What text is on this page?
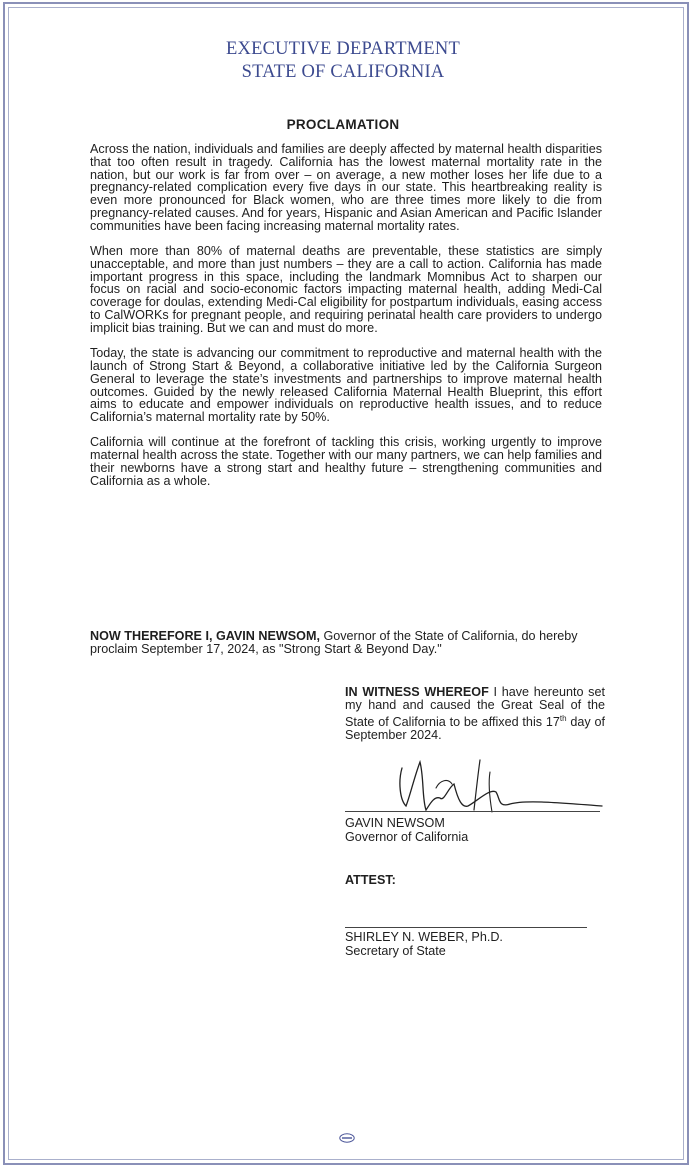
EXECUTIVE DEPARTMENT
STATE OF CALIFORNIA
PROCLAMATION

Across the nation, individuals and families are deeply affected by maternal health disparities that too often result in tragedy. California has the lowest maternal mortality rate in the nation, but our work is far from over – on average, a new mother loses her life due to a pregnancy-related complication every five days in our state. This heartbreaking reality is even more pronounced for Black women, who are three times more likely to die from pregnancy-related causes. And for years, Hispanic and Asian American and Pacific Islander communities have been facing increasing maternal mortality rates.

When more than 80% of maternal deaths are preventable, these statistics are simply unacceptable, and more than just numbers – they are a call to action. California has made important progress in this space, including the landmark Momnibus Act to sharpen our focus on racial and socio-economic factors impacting maternal health, adding Medi-Cal coverage for doulas, extending Medi-Cal eligibility for postpartum individuals, easing access to CalWORKs for pregnant people, and requiring perinatal health care providers to undergo implicit bias training. But we can and must do more.

Today, the state is advancing our commitment to reproductive and maternal health with the launch of Strong Start & Beyond, a collaborative initiative led by the California Surgeon General to leverage the state’s investments and partnerships to improve maternal health outcomes. Guided by the newly released California Maternal Health Blueprint, this effort aims to educate and empower individuals on reproductive health issues, and to reduce California’s maternal mortality rate by 50%.

California will continue at the forefront of tackling this crisis, working urgently to improve maternal health across the state. Together with our many partners, we can help families and their newborns have a strong start and healthy future – strengthening communities and California as a whole.

NOW THEREFORE I, GAVIN NEWSOM, Governor of the State of California, do hereby proclaim September 17, 2024, as "Strong Start & Beyond Day."
IN WITNESS WHEREOF I have hereunto set my hand and caused the Great Seal of the State of California to be affixed this 17th day of September 2024.
GAVIN NEWSOM
Governor of California
ATTEST:
SHIRLEY N. WEBER, Ph.D.
Secretary of State
